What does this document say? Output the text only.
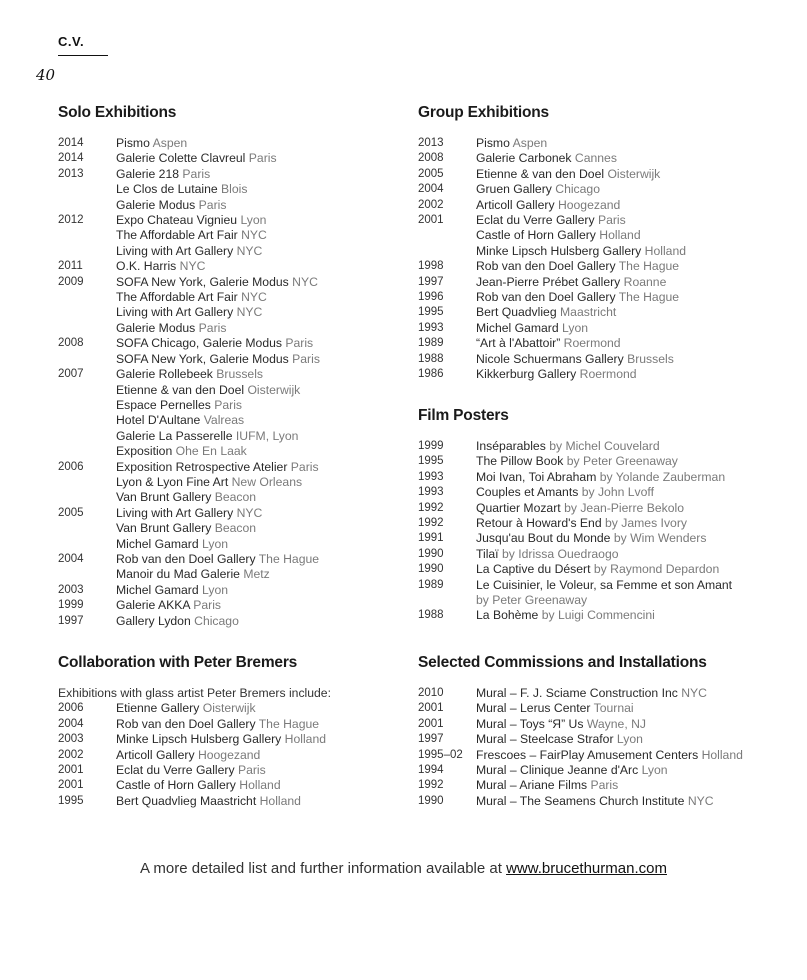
C.V.
40
Solo Exhibitions
2014	Pismo Aspen
2014	Galerie Colette Clavreul Paris
2013	Galerie 218 Paris
Le Clos de Lutaine Blois
Galerie Modus Paris
2012	Expo Chateau Vignieu Lyon
The Affordable Art Fair NYC
Living with Art Gallery NYC
2011	O.K. Harris NYC
2009	SOFA New York, Galerie Modus NYC
The Affordable Art Fair NYC
Living with Art Gallery NYC
Galerie Modus Paris
2008	SOFA Chicago, Galerie Modus Paris
SOFA New York, Galerie Modus Paris
2007	Galerie Rollebeek Brussels
Etienne & van den Doel Oisterwijk
Espace Pernelles Paris
Hotel D'Aultane Valreas
Galerie La Passerelle IUFM, Lyon
Exposition Ohe En Laak
2006	Exposition Retrospective Atelier Paris
Lyon & Lyon Fine Art New Orleans
Van Brunt Gallery Beacon
2005	Living with Art Gallery NYC
Van Brunt Gallery Beacon
Michel Gamard Lyon
2004	Rob van den Doel Gallery The Hague
Manoir du Mad Galerie Metz
2003	Michel Gamard Lyon
1999	Galerie AKKA Paris
1997	Gallery Lydon Chicago
Group Exhibitions
2013	Pismo Aspen
2008	Galerie Carbonek Cannes
2005	Etienne & van den Doel Oisterwijk
2004	Gruen Gallery Chicago
2002	Articoll Gallery Hoogezand
2001	Eclat du Verre Gallery Paris
Castle of Horn Gallery Holland
Minke Lipsch Hulsberg Gallery Holland
1998	Rob van den Doel Gallery The Hague
1997	Jean-Pierre Prébet Gallery Roanne
1996	Rob van den Doel Gallery The Hague
1995	Bert Quadvlieg Maastricht
1993	Michel Gamard Lyon
1989	“Art à l'Abattoir” Roermond
1988	Nicole Schuermans Gallery Brussels
1986	Kikkerburg Gallery Roermond
Film Posters
1999	Inséparables by Michel Couvelard
1995	The Pillow Book by Peter Greenaway
1993	Moi Ivan, Toi Abraham by Yolande Zauberman
1993	Couples et Amants by John Lvoff
1992	Quartier Mozart by Jean-Pierre Bekolo
1992	Retour à Howard's End by James Ivory
1991	Jusqu'au Bout du Monde by Wim Wenders
1990	Tilaï by Idrissa Ouedraogo
1990	La Captive du Désert by Raymond Depardon
1989	Le Cuisinier, le Voleur, sa Femme et son Amant
by Peter Greenaway
1988	La Bohème by Luigi Commencini
Collaboration with Peter Bremers
Exhibitions with glass artist Peter Bremers include:
2006	Etienne Gallery Oisterwijk
2004	Rob van den Doel Gallery The Hague
2003	Minke Lipsch Hulsberg Gallery Holland
2002	Articoll Gallery Hoogezand
2001	Eclat du Verre Gallery Paris
2001	Castle of Horn Gallery Holland
1995	Bert Quadvlieg Maastricht Holland
Selected Commissions and Installations
2010	Mural – F. J. Sciame Construction Inc NYC
2001	Mural – Lerus Center Tournai
2001	Mural – Toys “Я” Us Wayne, NJ
1997	Mural – Steelcase Strafor Lyon
1995–02	Frescoes – FairPlay Amusement Centers Holland
1994	Mural – Clinique Jeanne d'Arc Lyon
1992	Mural – Ariane Films Paris
1990	Mural – The Seamens Church Institute NYC
A more detailed list and further information available at www.brucethurman.com
